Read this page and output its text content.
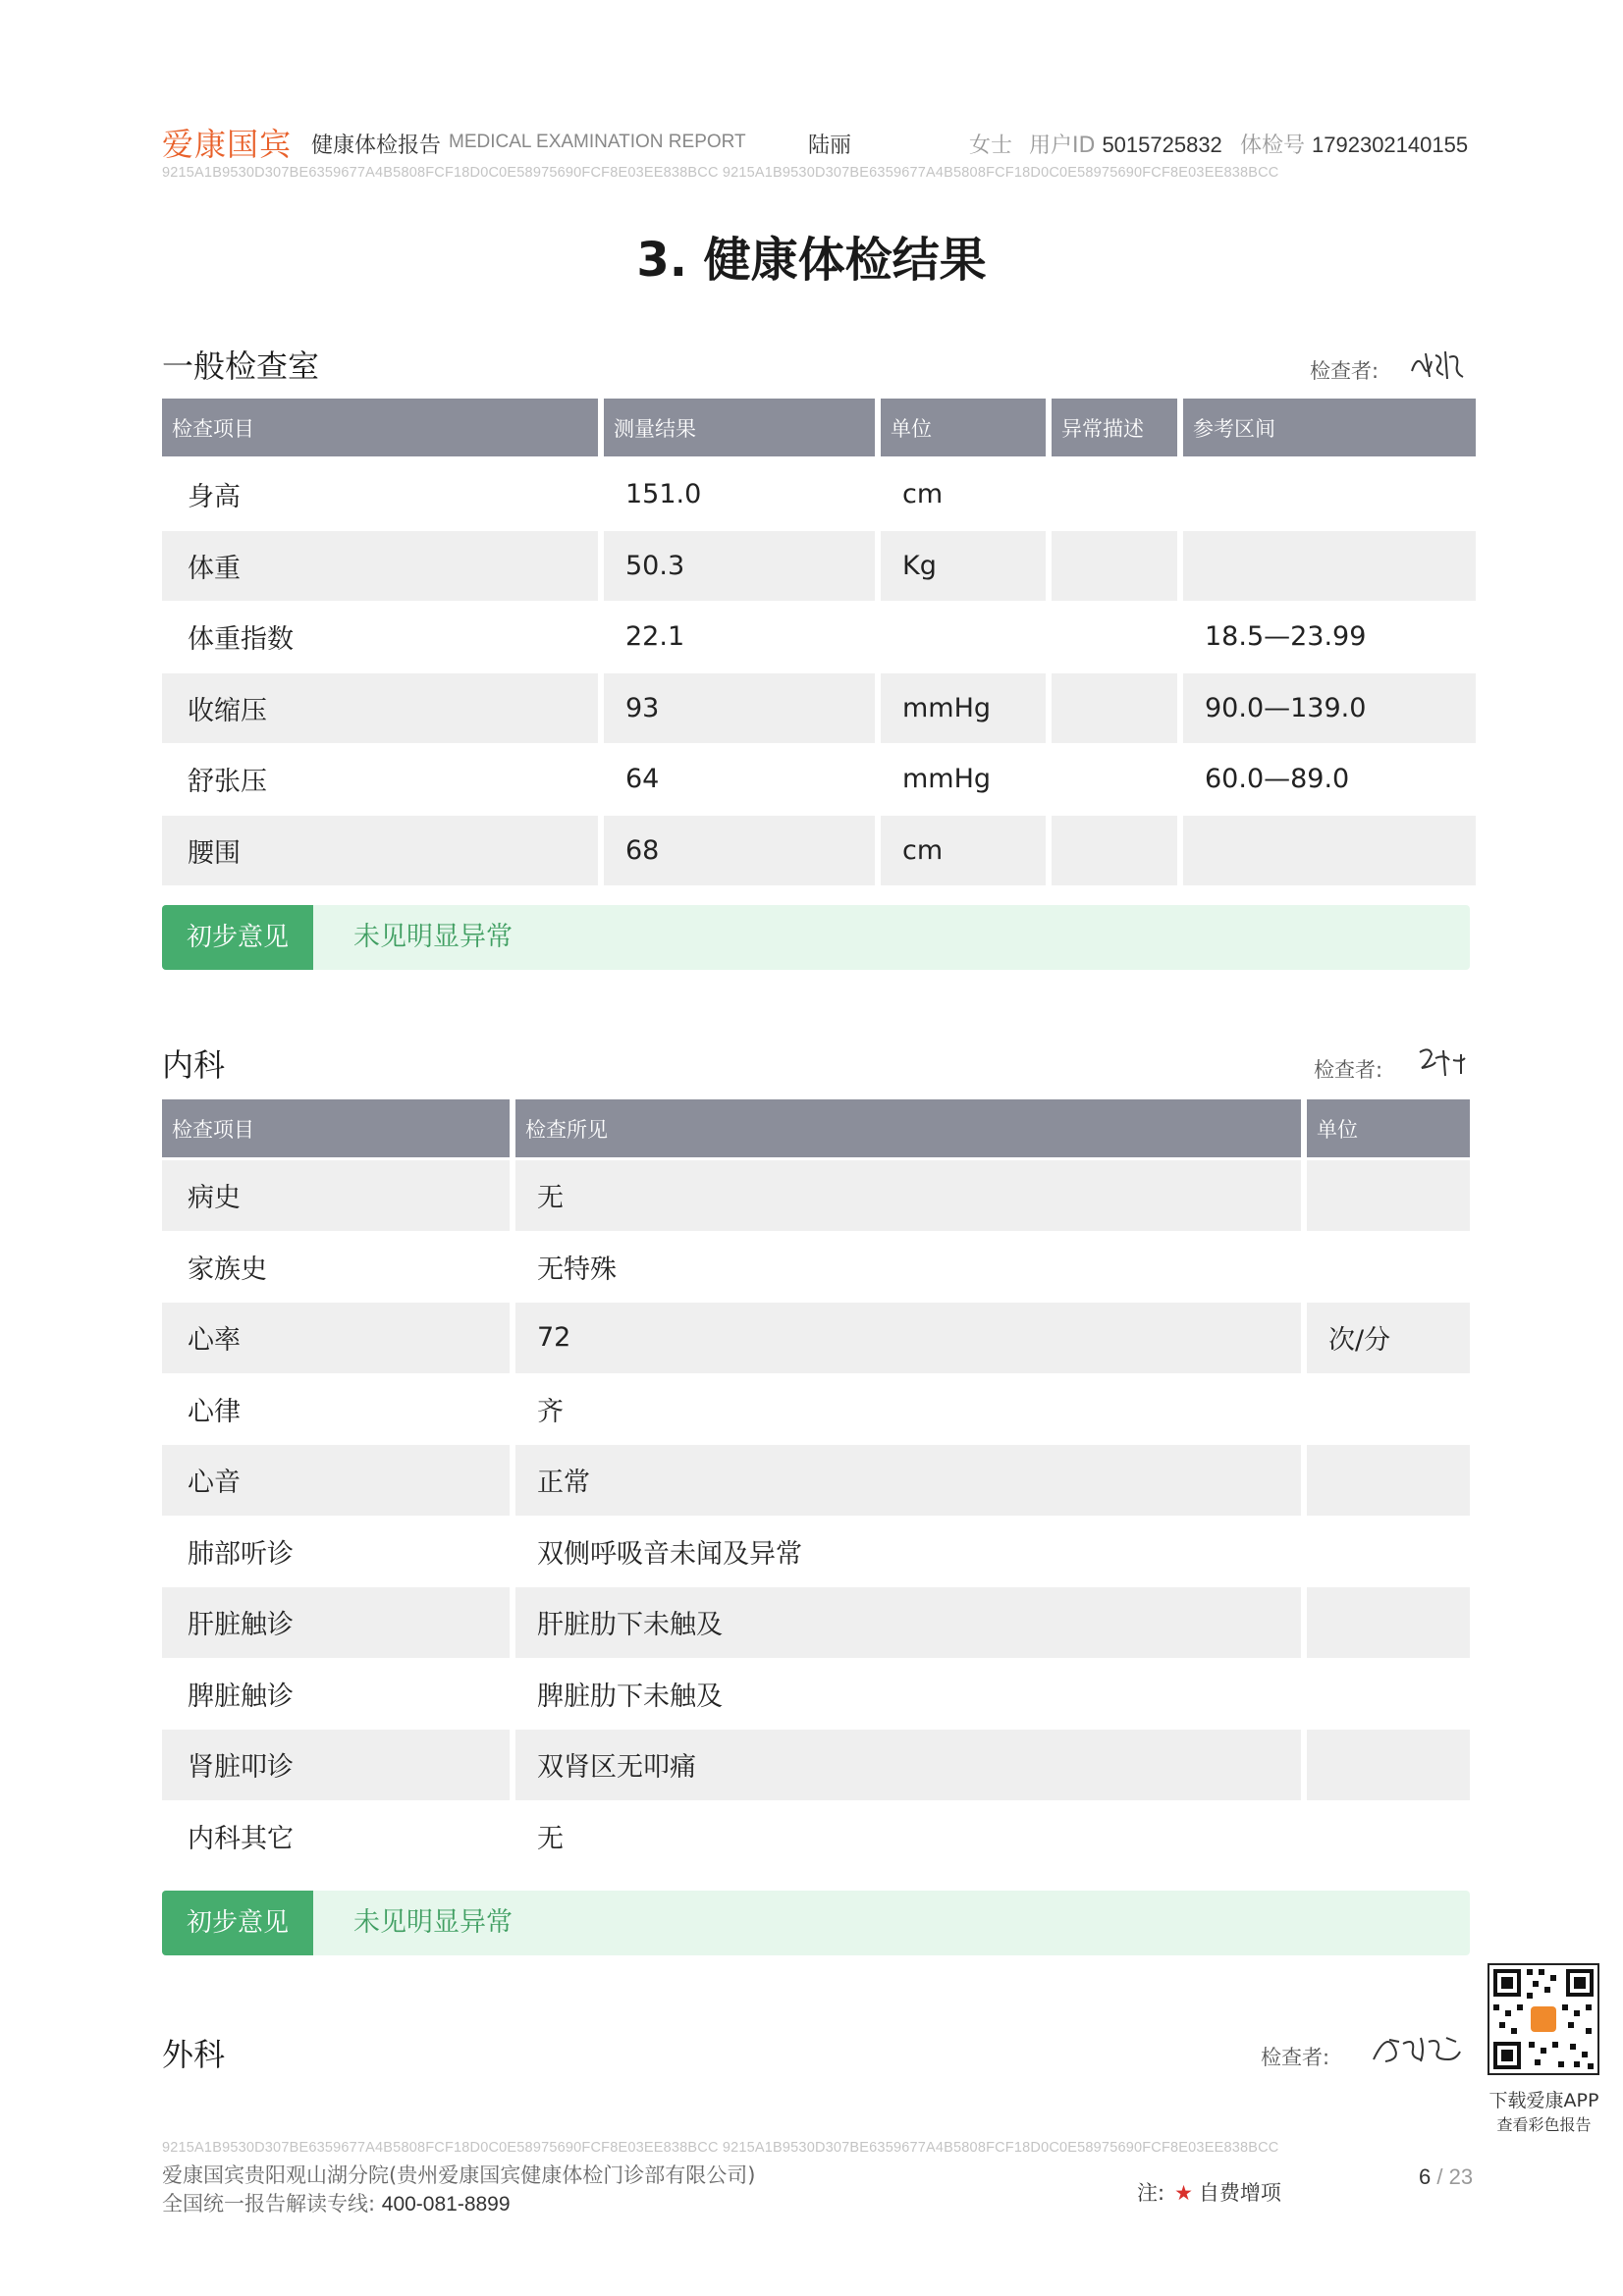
爱康国宾 健康体检报告 MEDICAL EXAMINATION REPORT	陆丽	女士 用户ID 5015725832 体检号 1792302140155
9215A1B9530D307BE6359677A4B5808FCF18D0C0E58975690FCF8E03EE838BCC 9215A1B9530D307BE6359677A4B5808FCF18D0C0E58975690FCF8E03EE838BCC
3. 健康体检结果
一般检查室	检查者:
检查项目	测量结果	单位	异常描述	参考区间
身高	151.0	cm		
体重	50.3	Kg		
体重指数	22.1			18.5—23.99
收缩压	93	mmHg		90.0—139.0
舒张压	64	mmHg		60.0—89.0
腰围	68	cm		
初步意见	未见明显异常
内科	检查者:
检查项目	检查所见	单位
病史	无	
家族史	无特殊	
心率	72	次/分
心律	齐	
心音	正常	
肺部听诊	双侧呼吸音未闻及异常	
肝脏触诊	肝脏肋下未触及	
脾脏触诊	脾脏肋下未触及	
肾脏叩诊	双肾区无叩痛	
内科其它	无	
初步意见	未见明显异常
外科	检查者:
下载爱康APP
查看彩色报告
9215A1B9530D307BE6359677A4B5808FCF18D0C0E58975690FCF8E03EE838BCC 9215A1B9530D307BE6359677A4B5808FCF18D0C0E58975690FCF8E03EE838BCC
爱康国宾贵阳观山湖分院(贵州爱康国宾健康体检门诊部有限公司)
全国统一报告解读专线: 400-081-8899	注: ★ 自费增项
6 / 23
